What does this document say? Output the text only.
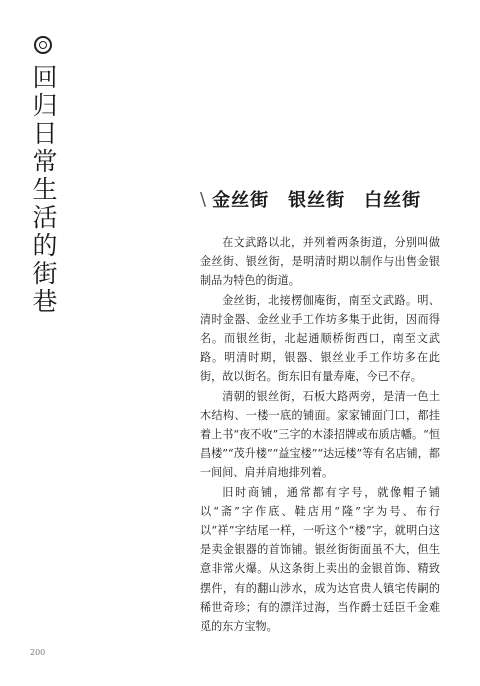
回归日常生活的街巷	\ 金丝街　银丝街　白丝街

在文武路以北，并列着两条街道，分别叫做金丝街、银丝街，是明清时期以制作与出售金银制品为特色的街道。

金丝街，北接楞伽庵街，南至文武路。明、清时金器、金丝业手工作坊多集于此街，因而得名。而银丝街，北起通顺桥街西口，南至文武路。明清时期，银器、银丝业手工作坊多在此街，故以街名。街东旧有量寿庵，今已不存。

清朝的银丝街，石板大路两旁，是清一色土木结构、一楼一底的铺面。家家铺面门口，都挂着上书“夜不收”三字的木漆招牌或布质店幡。“恒昌楼”“茂升楼”“益宝楼”“达远楼”等有名店铺，都一间间、肩并肩地排列着。

旧时商铺，通常都有字号，就像帽子铺以“斋”字作底、鞋店用“隆”字为号、布行以“祥”字结尾一样，一听这个“楼”字，就明白这是卖金银器的首饰铺。银丝街街面虽不大，但生意非常火爆。从这条街上卖出的金银首饰、精致摆件，有的翻山涉水，成为达官贵人镇宅传嗣的稀世奇珍；有的漂洋过海，当作爵士廷臣千金难觅的东方宝物。

200
